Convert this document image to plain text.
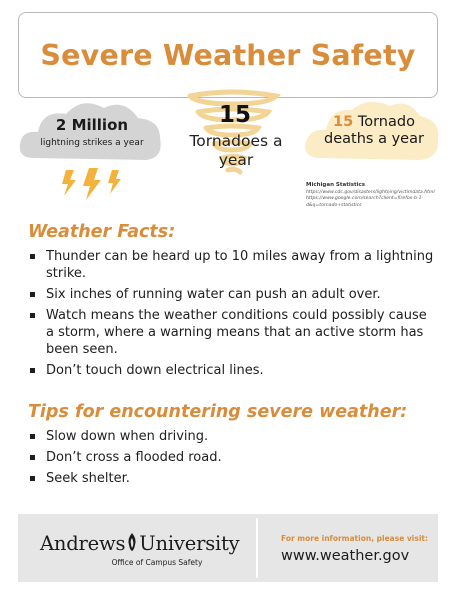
Severe Weather Safety
2 Million
lightning strikes a year
15
Tornadoes a year
15 Tornado deaths a year
Michigan Statistics
https://www.cdc.gov/disasters/lightning/victimdata.html
https://www.google.com/search?client=firefox-b-1-d&q=tornado+statistics
Weather Facts:
Thunder can be heard up to 10 miles away from a lightning strike.
Six inches of running water can push an adult over.
Watch means the weather conditions could possibly cause a storm, where a warning means that an active storm has been seen.
Don’t touch down electrical lines.
Tips for encountering severe weather:
Slow down when driving.
Don’t cross a flooded road.
Seek shelter.
Andrews University
Office of Campus Safety
For more information, please visit:
www.weather.gov
